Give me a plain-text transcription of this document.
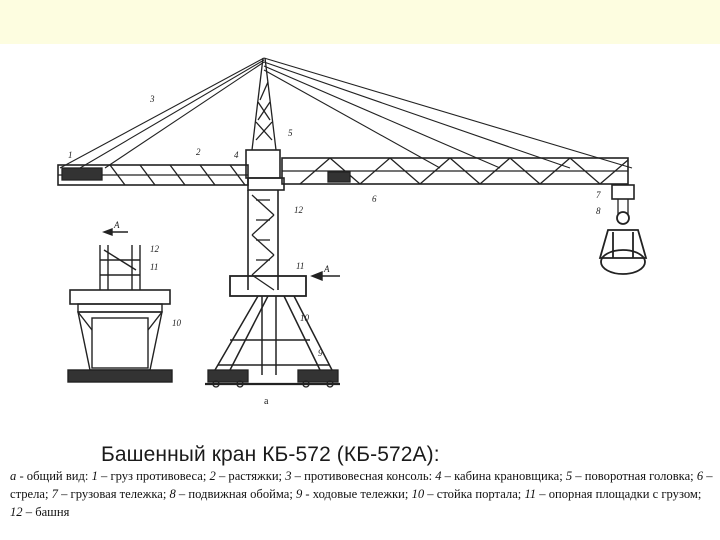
1	2
3
4
5
6	7
8
9
10
11
12
А
А
12
11
10
а
Башенный кран КБ-572 (КБ-572А):
а - общий вид: 1 – груз противовеса; 2 – растяжки; 3 – противовесная консоль: 4 – кабина крановщика; 5 – поворотная головка; 6 – стрела; 7 – грузовая тележка; 8 – подвижная обойма; 9 - ходовые тележки; 10 – стойка портала; 11 – опорная площадки с грузом; 12 – башня
